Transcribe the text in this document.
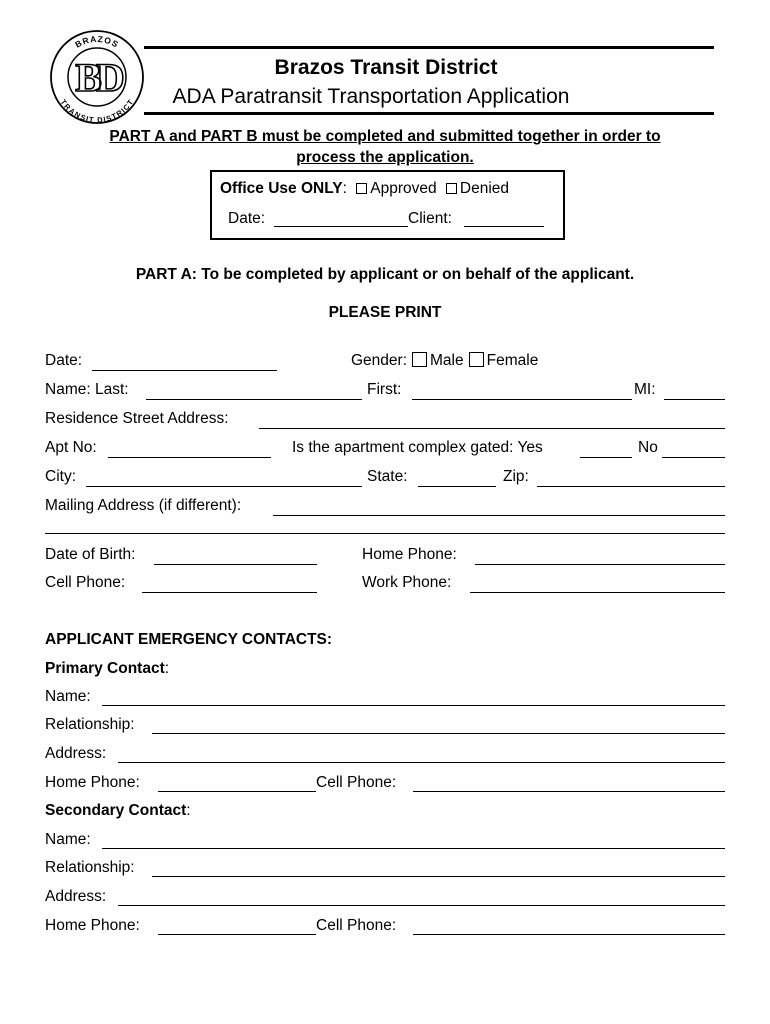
BRAZOS
TRANSIT DISTRICT
BD	Brazos Transit District
ADA Paratransit Transportation Application
PART A and PART B must be completed and submitted together in order to
process the application.
Office Use ONLY: Approved Denied
Date:	Client:
PART A: To be completed by applicant or on behalf of the applicant.
PLEASE PRINT
Date:	Gender: Male Female
Name: Last:	First:	MI:
Residence Street Address:
Apt No:	Is the apartment complex gated: Yes	No
City:	State:	Zip:
Mailing Address (if different):
Date of Birth:	Home Phone:
Cell Phone:	Work Phone:
APPLICANT EMERGENCY CONTACTS:
Primary Contact:
Name:
Relationship:
Address:
Home Phone:	Cell Phone:
Secondary Contact:
Name:
Relationship:
Address:
Home Phone:	Cell Phone:
